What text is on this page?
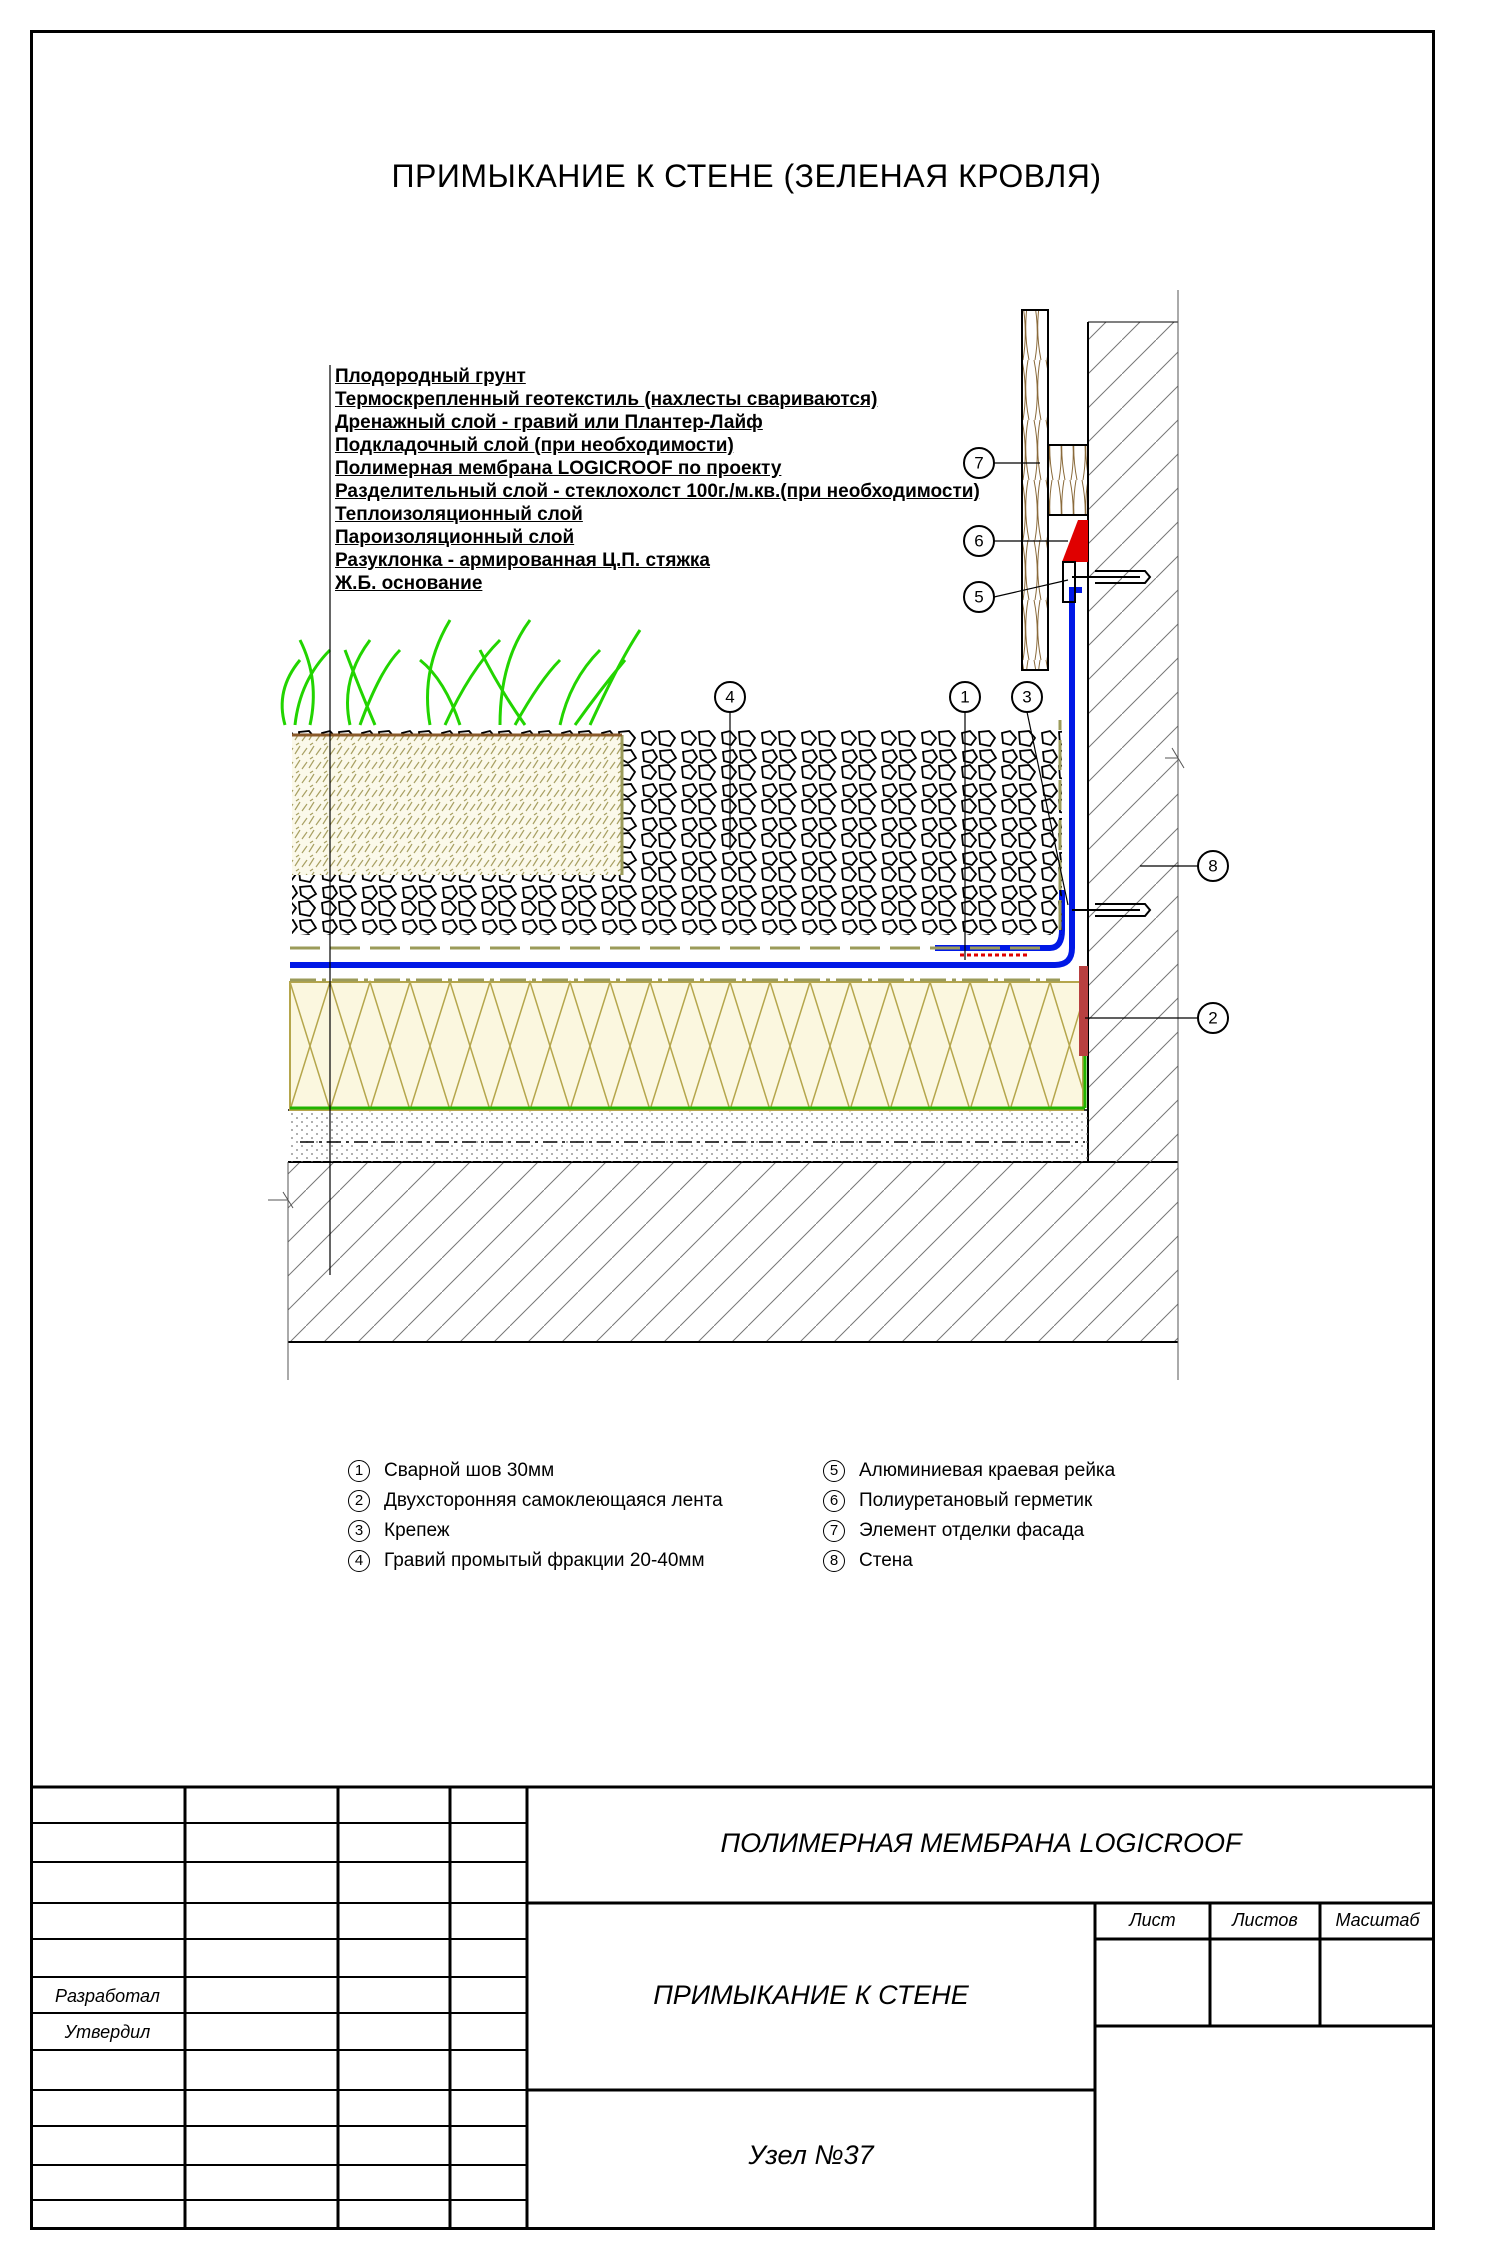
ПРИМЫКАНИЕ К СТЕНЕ (ЗЕЛЕНАЯ КРОВЛЯ)
Плодородный грунт
Термоскрепленный геотекстиль (нахлесты свариваются)
Дренажный слой - гравий или Плантер-Лайф
Подкладочный слой (при необходимости)
Полимерная мембрана LOGICROOF по проекту
Разделительный слой - стеклохолст 100г./м.кв.(при необходимости)
Теплоизоляционный слой
Пароизоляционный слой
Разуклонка - армированная Ц.П. стяжка
Ж.Б. основание
4	1	3
7
6
5
8
2
1	Сварной шов 30мм
2	Двухсторонняя самоклеющаяся лента
3	Крепеж
4	Гравий промытый фракции 20-40мм
5	Алюминиевая краевая рейка
6	Полиуретановый герметик
7	Элемент отделки фасада
8	Стена
ПОЛИМЕРНАЯ МЕМБРАНА LOGICROOF
ПРИМЫКАНИЕ К СТЕНЕ
Узел №37
Разработал
Утвердил
Лист	Листов	Масштаб
